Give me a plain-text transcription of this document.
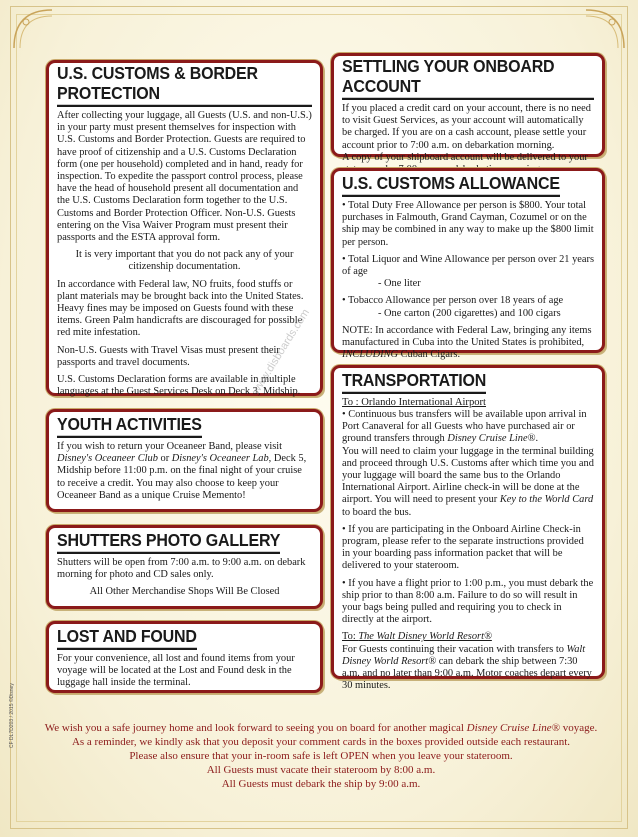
U.S. CUSTOMS & BORDER PROTECTION

After collecting your luggage, all Guests (U.S. and non-U.S.) in your party must present themselves for inspection with U.S. Customs and Border Protection. Guests are required to have proof of citizenship and a U.S. Customs Declaration form (one per household) completed and in hand, ready for inspection. To expedite the passport control process, please have the head of household present all documentation and the U.S. Customs Declaration form together to the U.S. Customs and Border Protection Officer. Non-U.S. Guests entering on the Visa Waiver Program must present their passports and the ESTA approval form.

It is very important that you do not pack any of your citizenship documentation.

In accordance with Federal law, NO fruits, food stuffs or plant materials may be brought back into the United States. Heavy fines may be imposed on Guests found with these items. Green Palm handicrafts are discouraged for possible red mite infestation.

Non-U.S. Guests with Travel Visas must present their passports and travel documents.

U.S. Customs Declaration forms are available in multiple languages at the Guest Services Desk on Deck 3, Midship.

SETTLING YOUR ONBOARD ACCOUNT

If you placed a credit card on your account, there is no need to visit Guest Services, as your account will automatically be charged. If you are on a cash account, please settle your account prior to 7:00 a.m. on debarkation morning.

A copy of your shipboard account will be delivered to your

U.S. CUSTOMS ALLOWANCE

• Total Duty Free Allowance per person is $800. Your total purchases in Falmouth, Grand Cayman, Cozumel or on the ship may be combined in any way to make up the $800 limit per person.

• Total Liquor and Wine Allowance per person over 21 years of age

- One liter

• Tobacco Allowance per person over 18 years of age

- One carton (200 cigarettes) and 100 cigars

NOTE: In accordance with Federal Law, bringing any items manufactured in Cuba into the United States is prohibited, INCLUDING Cuban Cigars.

TRANSPORTATION
To : Orlando International Airport

• Continuous bus transfers will be available upon arrival in Port Canaveral for all Guests who have purchased air or ground transfers through Disney Cruise Line®.

You will need to claim your luggage in the terminal building and proceed through U.S. Customs after which time you and your luggage will board the same bus to the Orlando International Airport. Airline check-in will be done at the airport. You will need to present your Key to the World Card to board the bus.

• If you are participating in the Onboard Airline Check-in program, please refer to the separate instructions provided in your boarding pass information packet that will be delivered to your stateroom.

• If you have a flight prior to 1:00 p.m., you must debark the ship prior to than 8:00 a.m. Failure to do so will result in your bags being pulled and requiring you to check in directly at the airport.

To: The Walt Disney World Resort®

For Guests continuing their vacation with transfers to Walt Disney World Resort® can debark the ship between 7:30 a.m. and no later than 9:00 a.m. Motor coaches depart every 30 minutes.

YOUTH ACTIVITIES

If you wish to return your Oceaneer Band, please visit Disney's Oceaneer Club or Disney's Oceaneer Lab, Deck 5, Midship before 11:00 p.m. on the final night of your cruise to receive a credit. You may also choose to keep your Oceaneer Band as a unique Cruise Memento!

SHUTTERS PHOTO GALLERY

Shutters will be open from 7:00 a.m. to 9:00 a.m. on debark morning for photo and CD sales only.

All Other Merchandise Shops Will Be Closed

LOST AND FOUND

For your convenience, all lost and found items from your voyage will be located at the Lost and Found desk in the luggage hall inside the terminal.

We wish you a safe journey home and look forward to seeing you on board for another magical Disney Cruise Line® voyage.
As a reminder, we kindly ask that you deposit your comment cards in the boxes provided outside each restaurant.
Please also ensure that your in-room safe is left OPEN when you leave your stateroom.
All Guests must vacate their stateroom by 8:00 a.m.
All Guests must debark the ship by 9:00 a.m.
CF DL7D203 / 2015 ©Disney
www.disboards.com
